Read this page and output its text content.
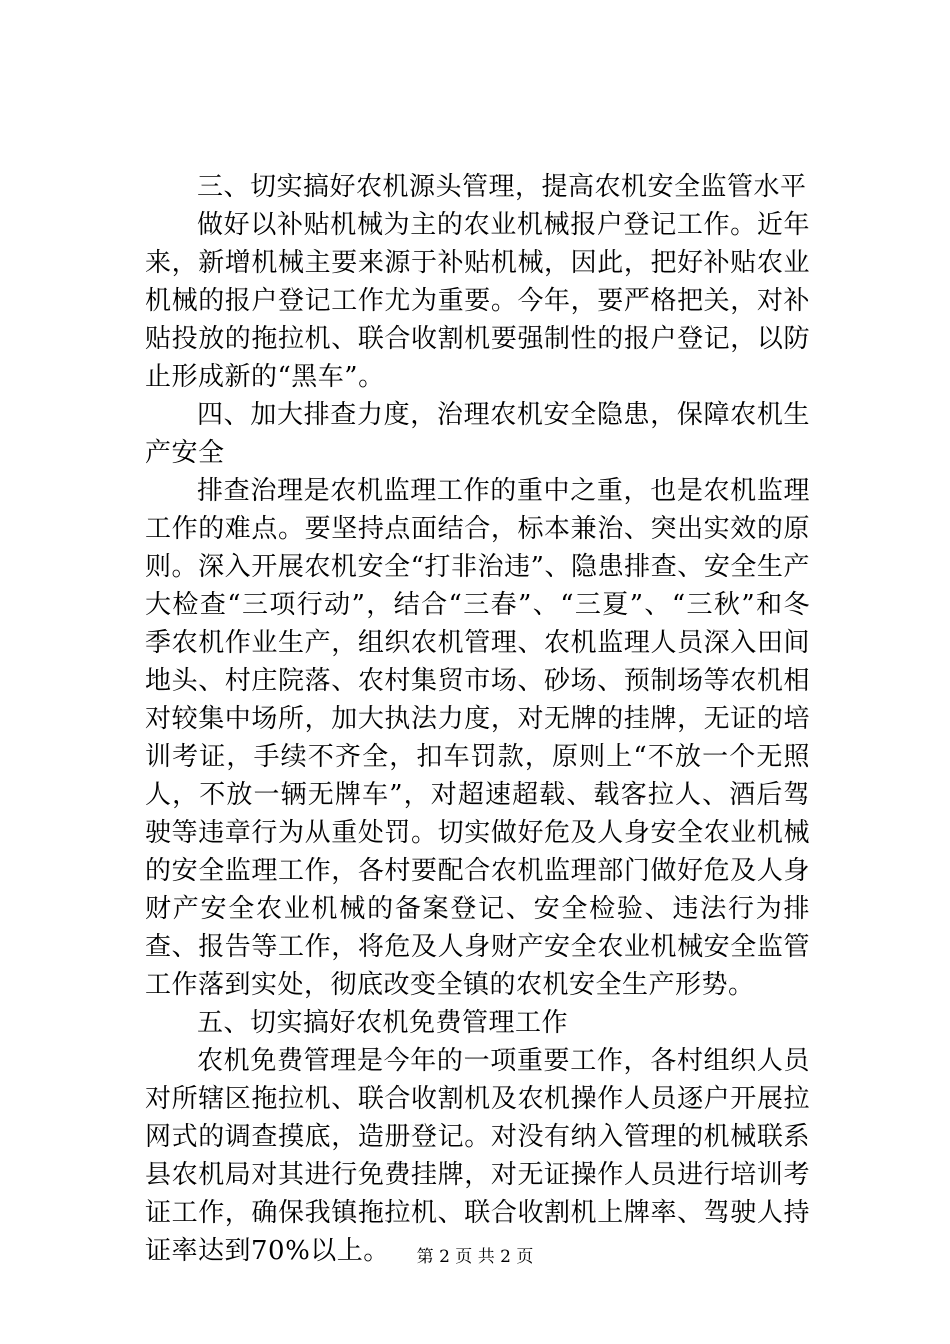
三、切实搞好农机源头管理，提高农机安全监管水平

做好以补贴机械为主的农业机械报户登记工作。近年来，新增机械主要来源于补贴机械，因此，把好补贴农业机械的报户登记工作尤为重要。今年，要严格把关，对补贴投放的拖拉机、联合收割机要强制性的报户登记，以防止形成新的“黑车”。

四、加大排查力度，治理农机安全隐患，保障农机生产安全

排查治理是农机监理工作的重中之重，也是农机监理工作的难点。要坚持点面结合，标本兼治、突出实效的原则。深入开展农机安全“打非治违”、隐患排查、安全生产大检查“三项行动”，结合“三春”、“三夏”、“三秋”和冬季农机作业生产，组织农机管理、农机监理人员深入田间地头、村庄院落、农村集贸市场、砂场、预制场等农机相对较集中场所，加大执法力度，对无牌的挂牌，无证的培训考证，手续不齐全，扣车罚款，原则上“不放一个无照人，不放一辆无牌车”，对超速超载、载客拉人、酒后驾驶等违章行为从重处罚。切实做好危及人身安全农业机械的安全监理工作，各村要配合农机监理部门做好危及人身财产安全农业机械的备案登记、安全检验、违法行为排查、报告等工作，将危及人身财产安全农业机械安全监管工作落到实处，彻底改变全镇的农机安全生产形势。

五、切实搞好农机免费管理工作

农机免费管理是今年的一项重要工作，各村组织人员对所辖区拖拉机、联合收割机及农机操作人员逐户开展拉网式的调查摸底，造册登记。对没有纳入管理的机械联系县农机局对其进行免费挂牌，对无证操作人员进行培训考证工作，确保我镇拖拉机、联合收割机上牌率、驾驶人持证率达到70%以上。	第 2 页 共 2 页
